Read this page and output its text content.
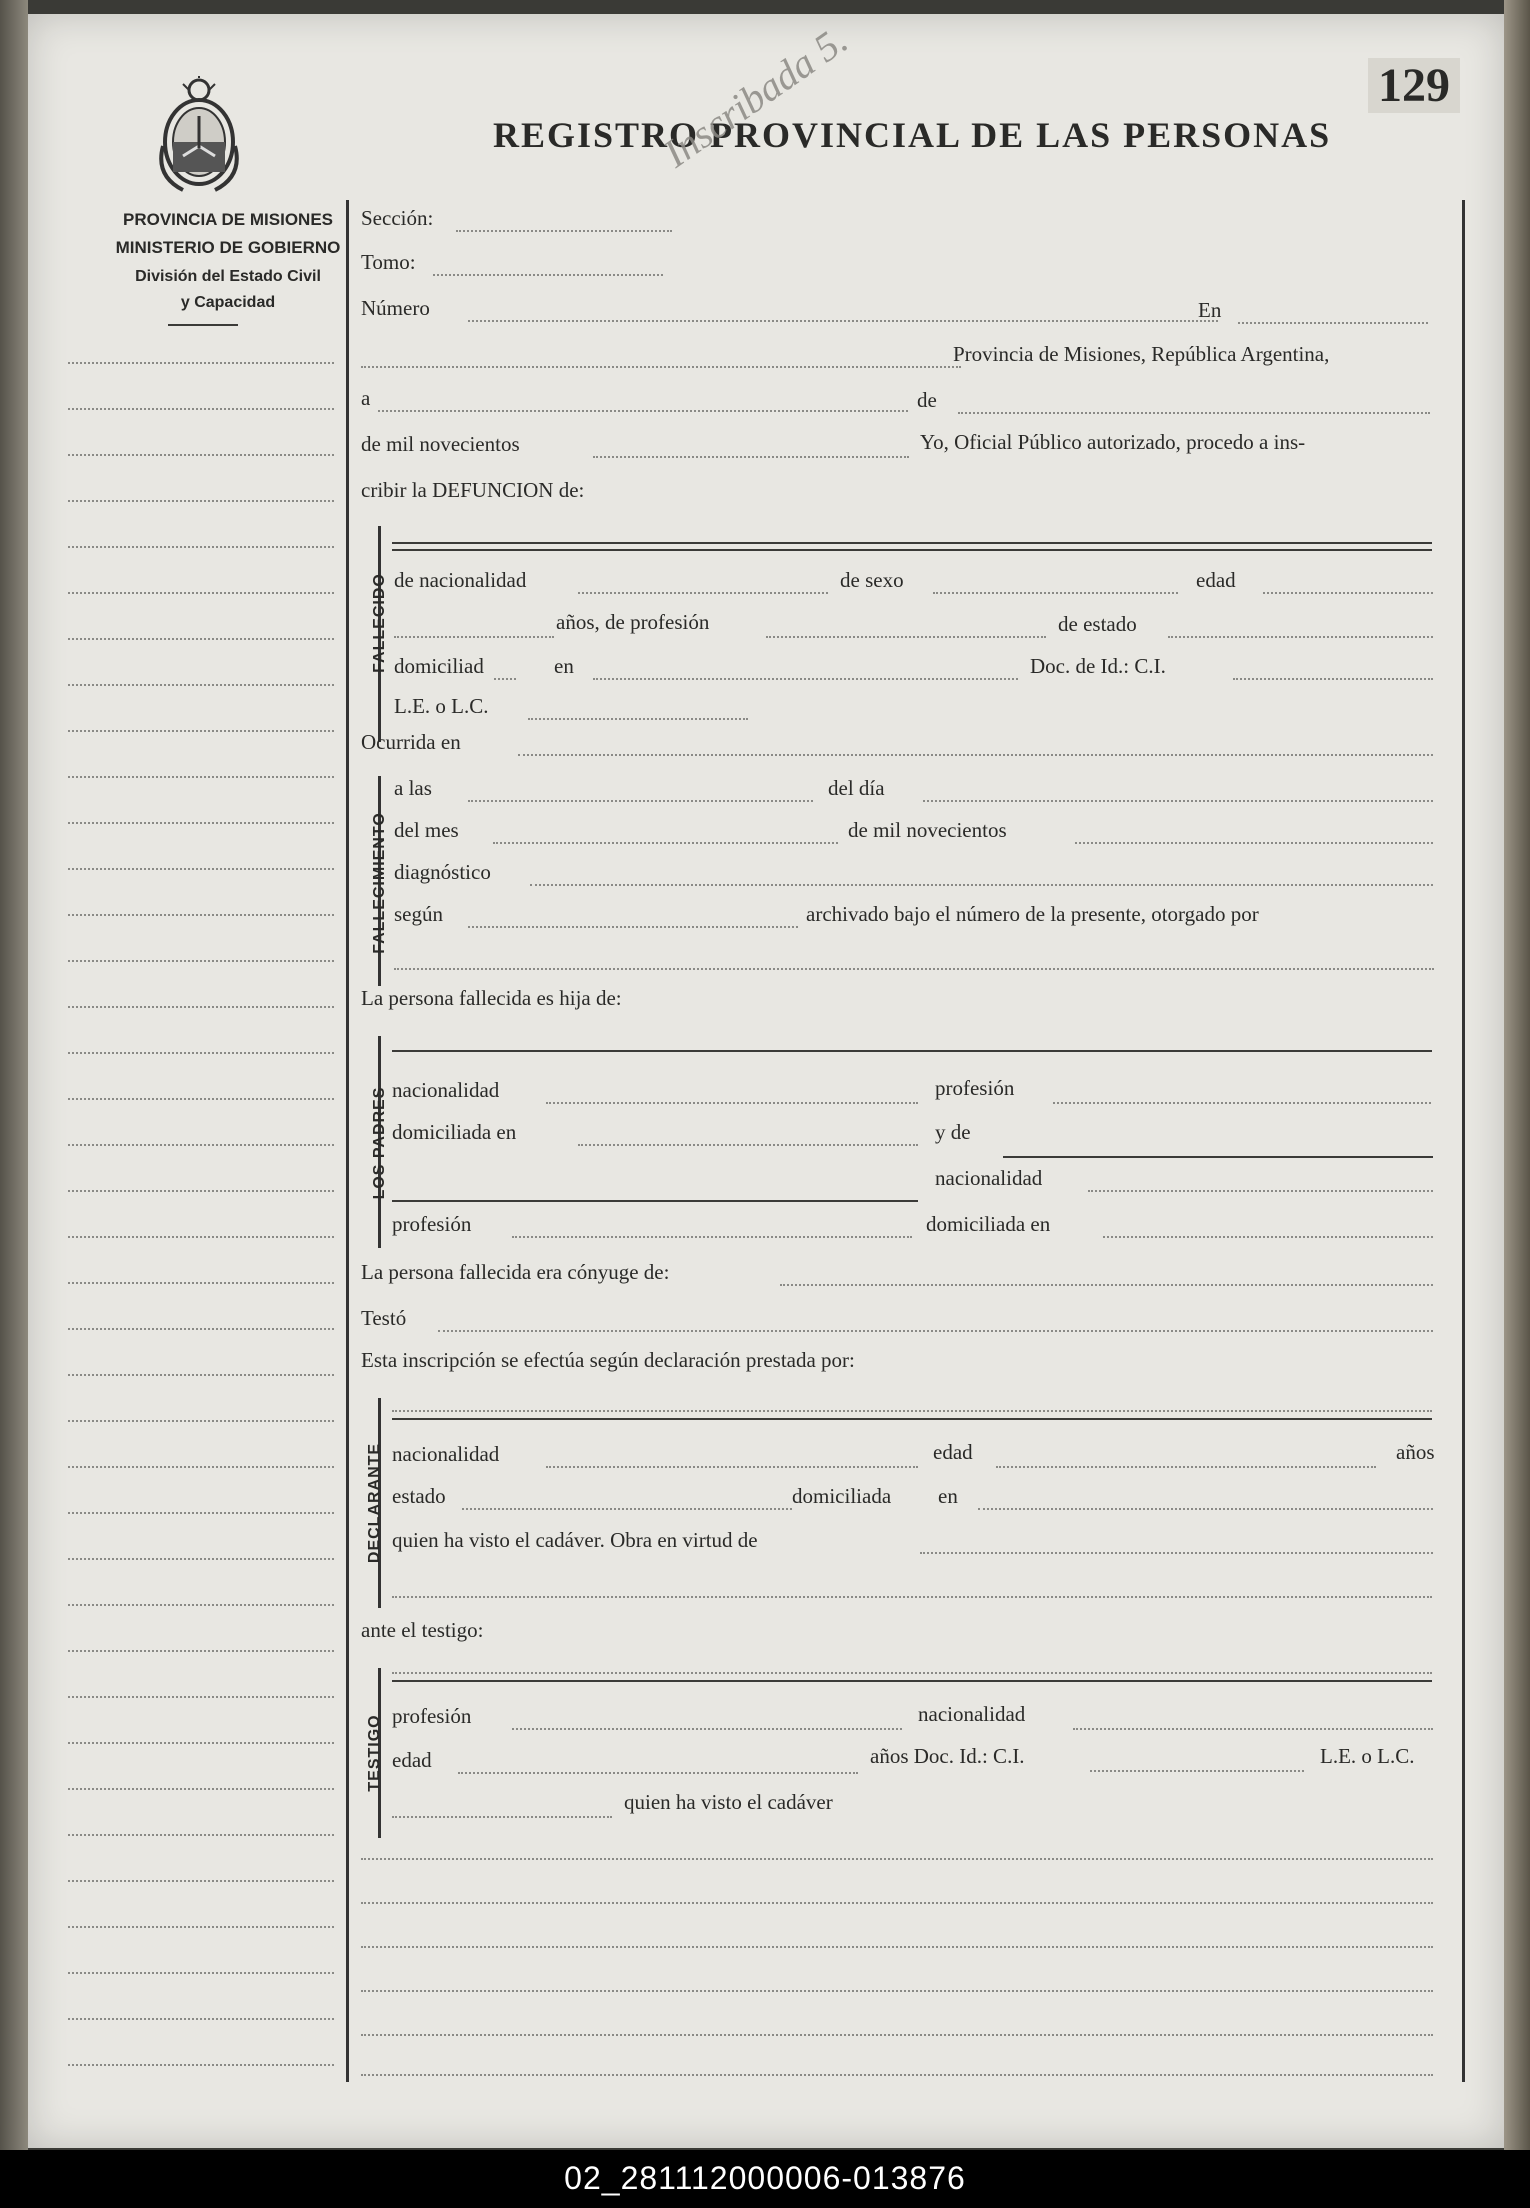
PROVINCIA DE MISIONES
MINISTERIO DE GOBIERNO
División del Estado Civil
y Capacidad
REGISTRO PROVINCIAL DE LAS PERSONAS
129
Inscribada 5.
Sección:
Tomo:
Número	En
Provincia de Misiones, República Argentina,
a	de
de mil novecientos	Yo, Oficial Público autorizado, procedo a ins-
cribir la DEFUNCION de:
FALLECIDO de nacionalidad	de sexo	edad
años, de profesión	de estado
domiciliad	en	Doc. de Id.: C.I.
L.E. o L.C.
Ocurrida en
FALLECIMIENTO
a las	del día
del mes	de mil novecientos
diagnóstico
según	archivado bajo el número de la presente, otorgado por
La persona fallecida es hija de:
LOS PADRES nacionalidad	profesión
domiciliada en	y de
nacionalidad
profesión	domiciliada en
La persona fallecida era cónyuge de:
Testó
Esta inscripción se efectúa según declaración prestada por:
DECLARANTE nacionalidad	edad	años
estado	domiciliada en
quien ha visto el cadáver. Obra en virtud de
ante el testigo:
TESTIGO profesión	nacionalidad
edad	años Doc. Id.: C.I.	L.E. o L.C.
quien ha visto el cadáver
02_281112000006-013876
